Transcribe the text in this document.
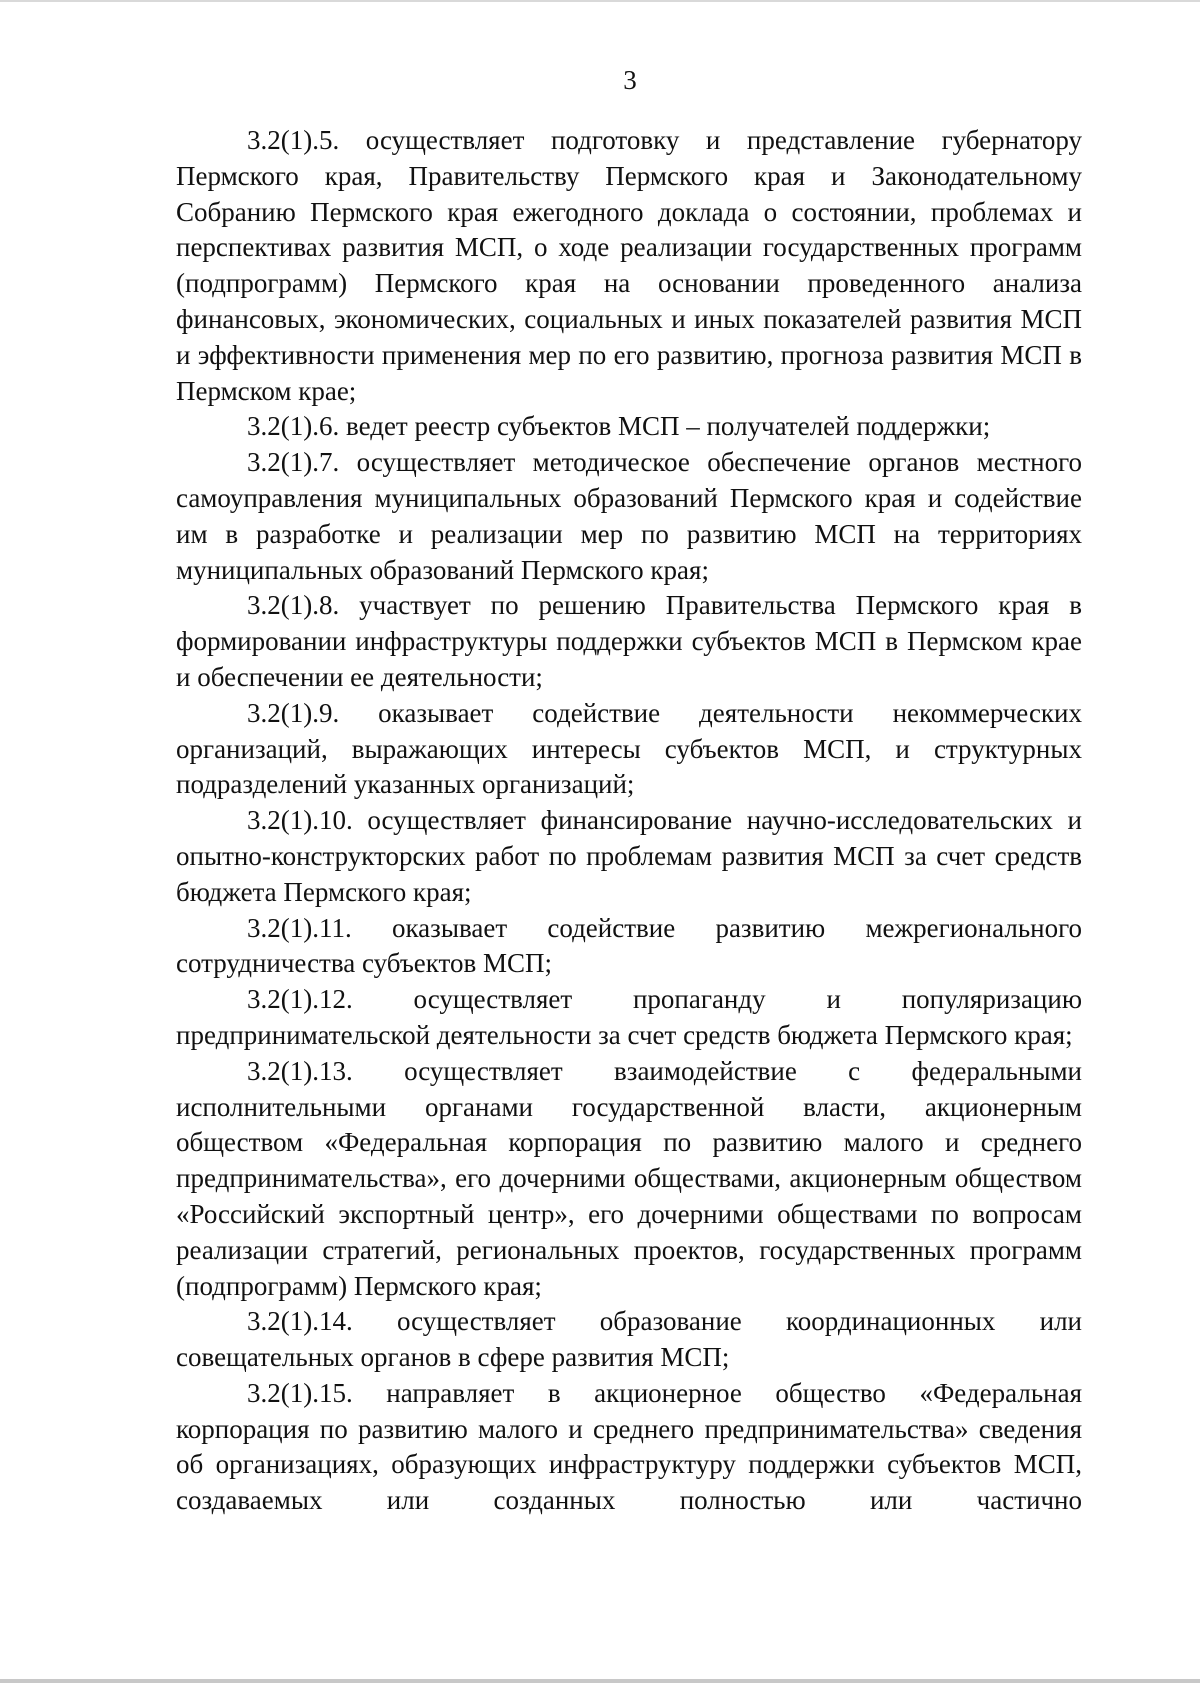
3

3.2(1).5. осуществляет подготовку и представление губернатору Пермского края, Правительству Пермского края и Законодательному Собранию Пермского края ежегодного доклада о состоянии, проблемах и перспективах развития МСП, о ходе реализации государственных программ (подпрограмм) Пермского края на основании проведенного анализа финансовых, экономических, социальных и иных показателей развития МСП и эффективности применения мер по его развитию, прогноза развития МСП в Пермском крае;

3.2(1).6. ведет реестр субъектов МСП – получателей поддержки;

3.2(1).7. осуществляет методическое обеспечение органов местного самоуправления муниципальных образований Пермского края и содействие им в разработке и реализации мер по развитию МСП на территориях муниципальных образований Пермского края;

3.2(1).8. участвует по решению Правительства Пермского края в формировании инфраструктуры поддержки субъектов МСП в Пермском крае и обеспечении ее деятельности;

3.2(1).9. оказывает содействие деятельности некоммерческих организаций, выражающих интересы субъектов МСП, и структурных подразделений указанных организаций;

3.2(1).10. осуществляет финансирование научно-исследовательских и опытно-конструкторских работ по проблемам развития МСП за счет средств бюджета Пермского края;

3.2(1).11. оказывает содействие развитию межрегионального сотрудничества субъектов МСП;

3.2(1).12. осуществляет пропаганду и популяризацию предпринимательской деятельности за счет средств бюджета Пермского края;

3.2(1).13. осуществляет взаимодействие с федеральными исполнительными органами государственной власти, акционерным обществом «Федеральная корпорация по развитию малого и среднего предпринимательства», его дочерними обществами, акционерным обществом «Российский экспортный центр», его дочерними обществами по вопросам реализации стратегий, региональных проектов, государственных программ (подпрограмм) Пермского края;

3.2(1).14. осуществляет образование координационных или совещательных органов в сфере развития МСП;

3.2(1).15. направляет в акционерное общество «Федеральная корпорация по развитию малого и среднего предпринимательства» сведения об организациях, образующих инфраструктуру поддержки субъектов МСП, создаваемых или созданных полностью или частично
